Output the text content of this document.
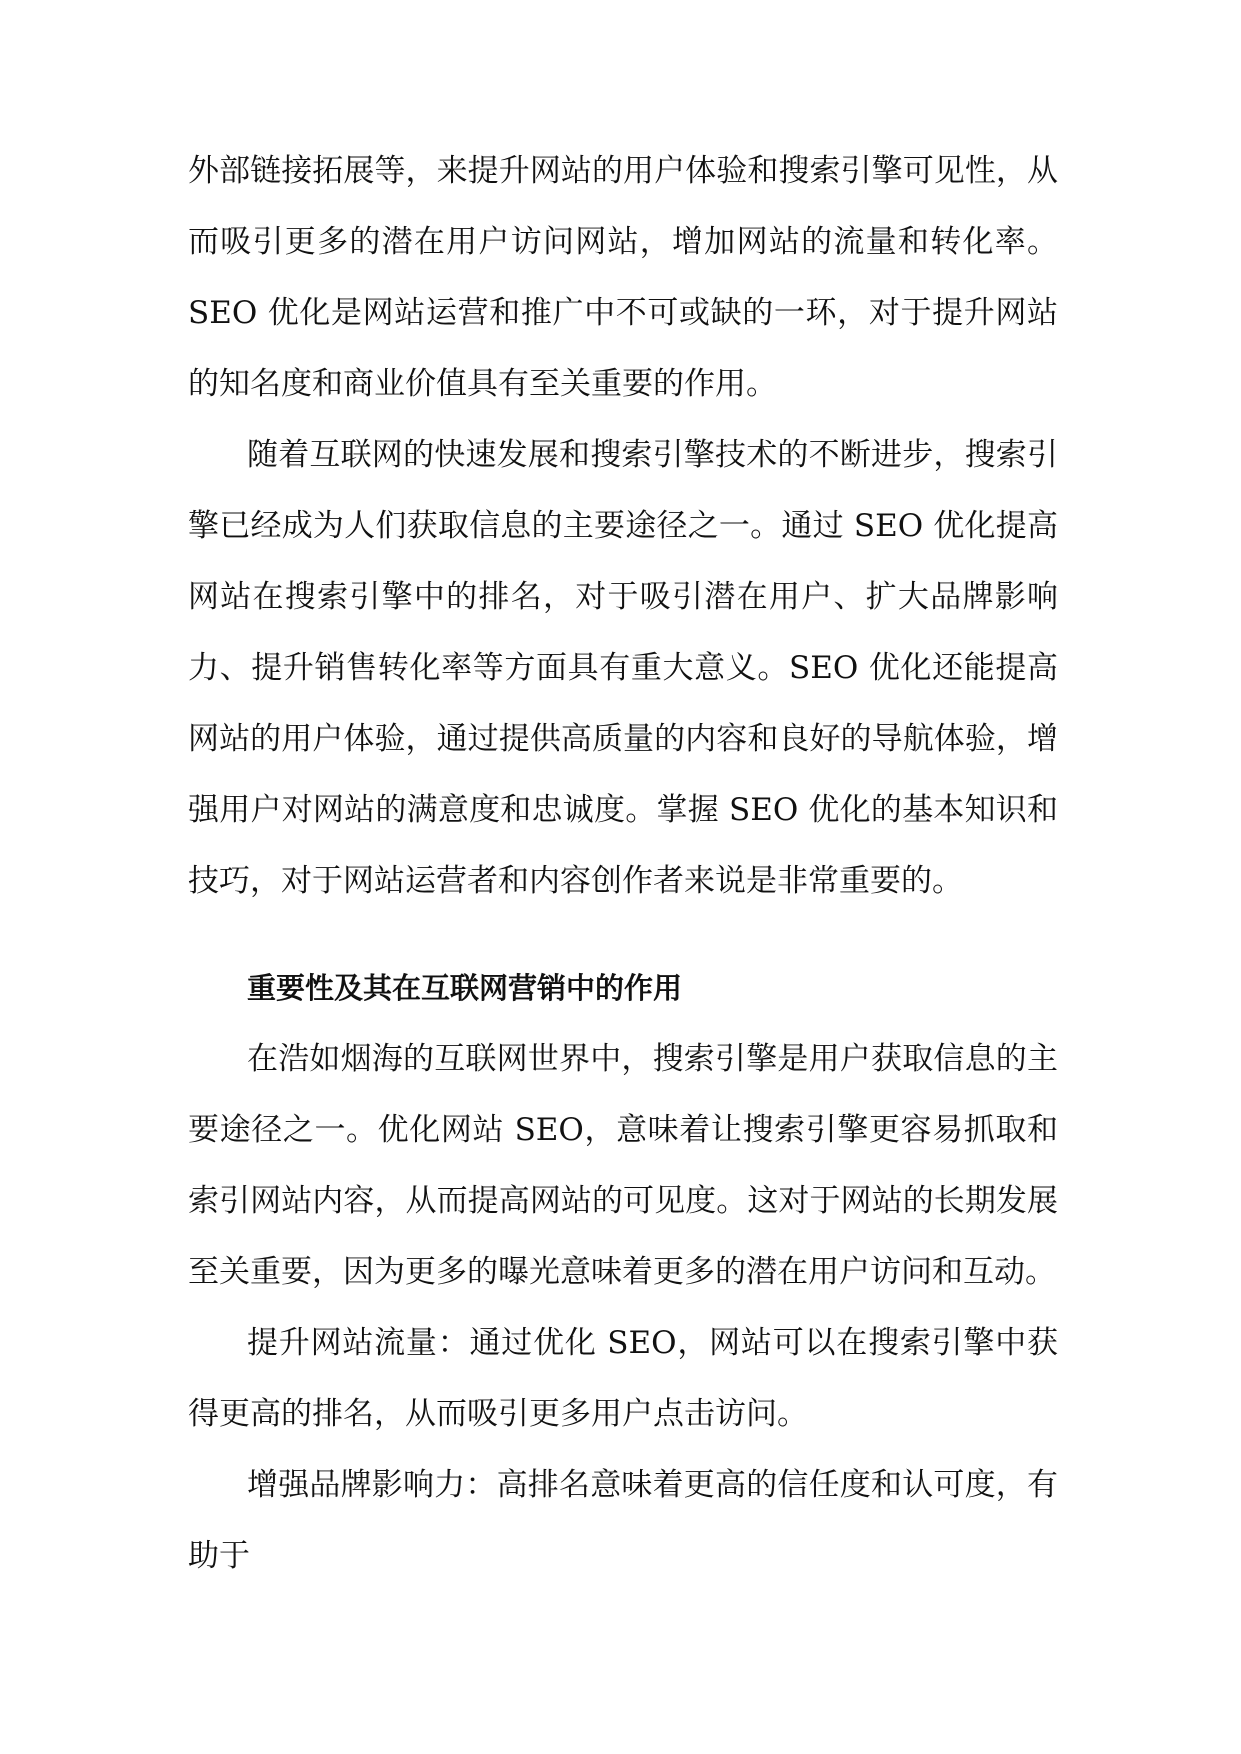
外部链接拓展等，来提升网站的用户体验和搜索引擎可见性，从而吸引更多的潜在用户访问网站，增加网站的流量和转化率。SEO 优化是网站运营和推广中不可或缺的一环，对于提升网站的知名度和商业价值具有至关重要的作用。

随着互联网的快速发展和搜索引擎技术的不断进步，搜索引擎已经成为人们获取信息的主要途径之一。通过 SEO 优化提高网站在搜索引擎中的排名，对于吸引潜在用户、扩大品牌影响力、提升销售转化率等方面具有重大意义。SEO 优化还能提高网站的用户体验，通过提供高质量的内容和良好的导航体验，增强用户对网站的满意度和忠诚度。掌握 SEO 优化的基本知识和技巧，对于网站运营者和内容创作者来说是非常重要的。

重要性及其在互联网营销中的作用

在浩如烟海的互联网世界中，搜索引擎是用户获取信息的主要途径之一。优化网站 SEO，意味着让搜索引擎更容易抓取和索引网站内容，从而提高网站的可见度。这对于网站的长期发展至关重要，因为更多的曝光意味着更多的潜在用户访问和互动。

提升网站流量：通过优化 SEO，网站可以在搜索引擎中获得更高的排名，从而吸引更多用户点击访问。

增强品牌影响力：高排名意味着更高的信任度和认可度，有助于
